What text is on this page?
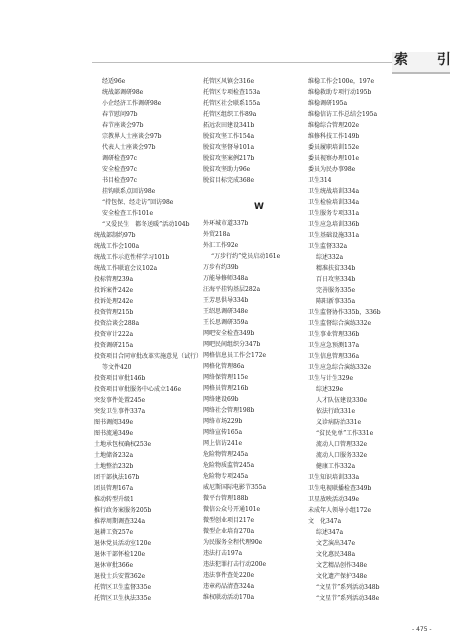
索 引
经适96e
统战部调研98e
小企经济工作调研98e
春节慰问97b
春节座谈会97b
宗教界人士座谈会97b
代表人士座谈会97b
调研检查97c
安全检查97c
书目检查97c
挂钩联系点回访98e
“持包保、经走访”回访98e
安全检查工作101e
“又爱民生　都冬送暖”活动104b
统战部制约97b
统战工作会100a
统战工作示范性样学习101b
统战工作联谊会议102a
投标管理239a
投诉案件242e
投诉处理242e
投资管理215b
投资洽谈会288a
投资审计222a
投资调研215a
投资项目合同审批改革实施意见（试行）
等文件420
投资项目审批146b
投资项目审批服务中心成立146e
突发事件处置245e
突发卫生事件337a
图书调阅349e
图书流通349e
土地承包权确权253e
土地储备232a
土地整治232b
团干部执法167b
团员管理167a
推动转型升级1
推行政务案服务205b
推荐周期调查324a
退耕工资257e
退休党员活动室120e
退休干部怀检120e
退休审批366e
退役士兵安置362e
托管区卫生监督335e
托管区卫生执法335e
托管区风镇会316e
托管区专项检查153a
托管区社会联系155a
托管区组织工作89a
拓远农田建设341b
脱贫攻坚工作154a
脱贫攻坚督导101a
脱贫攻坚案例217b
脱贫攻坚助力96e
脱贫目标完成368e
W
外环城市道337b
外贸218a
外汇工作92e
“万步行约”党员启动161e
万步有约39b
万能导修师348a
汪海平挂钩基层282a
王芳思供导334b
王绍思调研348e
王长思调研359a
网吧安全检查349b
网吧民间组织分347b
网格信息员工作会172e
网格化管理86a
网络保管理115e
网格员管理216b
网络建设69b
网络社会管理198b
网络市场229b
网络宣传165a
网上信访241e
危险物管理245a
危险物质监管245a
危险物专项245a
威尼斯国际电影节355a
微平台管理188b
微信公众号开通101e
微型创业项目217e
微型企业培育270a
为民服务全程代理90e
违法打击197a
违法犯罪打击行动200e
违法事件查处220e
违章药品清查324a
维权联动活动170a
维稳工作会100e，197e
维稳救助专项行动195b
维稳调研195a
维稳信访工作总结会195a
维稳综合管理202e
维修科技工作149b
委员履职培训152e
委员视察办理101e
委员为民办事98e
卫生314
卫生统战培训334a
卫生检验培训334a
卫生服务专项331a
卫生应急培训336b
卫生基础设施331a
卫生监督332a
综述332a
精准扶贫334b
百日攻坚334b
完善服务335e
陈阳新事335a
卫生监督协作335b，336b
卫生监督综合演练332e
卫生事业管理336b
卫生应急预测137a
卫生信息管理336a
卫生应急综合演练332e
卫生与计生329e
综述329e
人才队伍建设330e
依法行政331e
义诊病防治331e
“贫民免单”工作331e
流动人口管理332e
流动人口服务332e
健康工作332a
卫生知识培训333a
卫生电视联播检查349b
卫星放映活动349e
未成年人领导小组172e
文　化347a
综述347a
文艺演出347e
文化惠民348a
文艺精品创作348e
文化遗产保护348e
“文星节”系列活动348b
“文星节”系列活动348e
- 475 -
